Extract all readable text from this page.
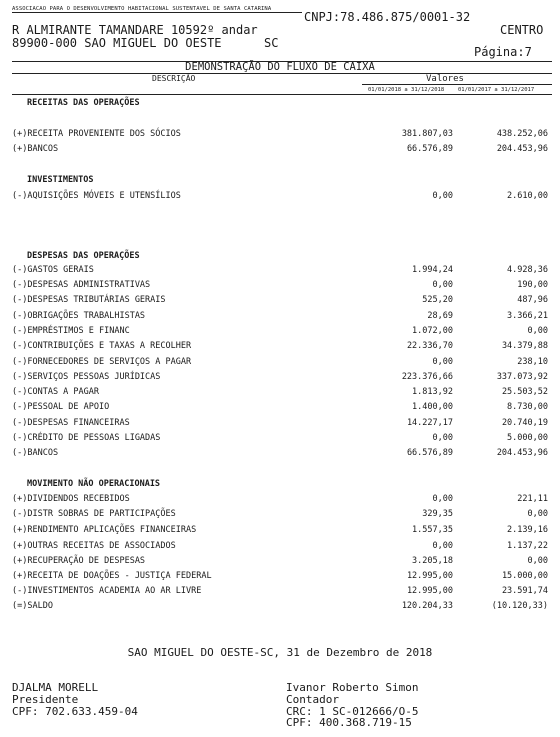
ASSOCIACAO PARA O DESENVOLVIMENTO HABITACIONAL SUSTENTAVEL DE SANTA CATARINA
CNPJ:78.486.875/0001-32
R ALMIRANTE TAMANDARE 10592º andar	CENTRO
89900-000 SAO MIGUEL DO OESTE	SC
Página:7
DEMONSTRAÇÃO DO FLUXO DE CAIXA
DESCRIÇÃO	Valores
01/01/2018 a 31/12/2018	01/01/2017 a 31/12/2017
RECEITAS DAS OPERAÇÕES
(+)RECEITA PROVENIENTE DOS SÓCIOS	381.807,03	438.252,06
(+)BANCOS	66.576,89	204.453,96
INVESTIMENTOS
(-)AQUISIÇÕES MÓVEIS E UTENSÍLIOS	0,00	2.610,00
DESPESAS DAS OPERAÇÕES
(-)GASTOS GERAIS	1.994,24	4.928,36
(-)DESPESAS ADMINISTRATIVAS	0,00	190,00
(-)DESPESAS TRIBUTÁRIAS GERAIS	525,20	487,96
(-)OBRIGAÇÕES TRABALHISTAS	28,69	3.366,21
(-)EMPRÉSTIMOS E FINANC	1.072,00	0,00
(-)CONTRIBUIÇÕES E TAXAS A RECOLHER	22.336,70	34.379,88
(-)FORNECEDORES DE SERVIÇOS A PAGAR	0,00	238,10
(-)SERVIÇOS PESSOAS JURÍDICAS	223.376,66	337.073,92
(-)CONTAS A PAGAR	1.813,92	25.503,52
(-)PESSOAL DE APOIO	1.400,00	8.730,00
(-)DESPESAS FINANCEIRAS	14.227,17	20.740,19
(-)CRÉDITO DE PESSOAS LIGADAS	0,00	5.000,00
(-)BANCOS	66.576,89	204.453,96
MOVIMENTO NÃO OPERACIONAIS
(+)DIVIDENDOS RECEBIDOS	0,00	221,11
(-)DISTR SOBRAS DE PARTICIPAÇÕES	329,35	0,00
(+)RENDIMENTO APLICAÇÕES FINANCEIRAS	1.557,35	2.139,16
(+)OUTRAS RECEITAS DE ASSOCIADOS	0,00	1.137,22
(+)RECUPERAÇÃO DE DESPESAS	3.205,18	0,00
(+)RECEITA DE DOAÇÕES - JUSTIÇA FEDERAL	12.995,00	15.000,00
(-)INVESTIMENTOS ACADEMIA AO AR LIVRE	12.995,00	23.591,74
(=)SALDO	120.204,33	(10.120,33)
SAO MIGUEL DO OESTE-SC, 31 de Dezembro de 2018
DJALMA MORELL
Presidente
CPF: 702.633.459-04
Ivanor Roberto Simon
Contador
CRC: 1 SC-012666/O-5
CPF: 400.368.719-15
